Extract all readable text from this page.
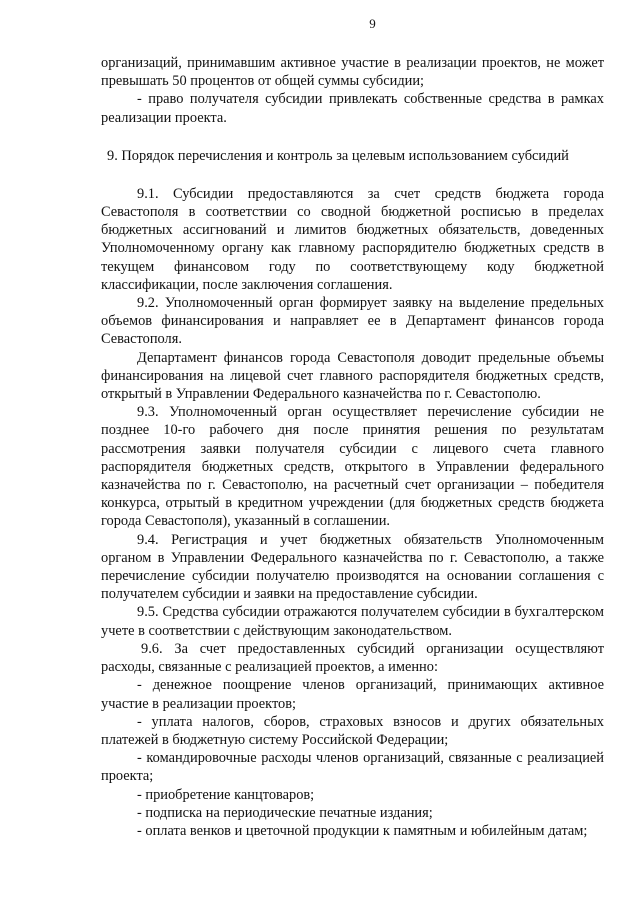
9

организаций, принимавшим активное участие в реализации проектов, не может превышать 50 процентов от общей суммы субсидии;

- право получателя субсидии привлекать собственные средства в рамках реализации проекта.

9. Порядок перечисления и контроль за целевым использованием субсидий

9.1. Субсидии предоставляются за счет средств бюджета города Севастополя в соответствии со сводной бюджетной росписью в пределах бюджетных ассигнований и лимитов бюджетных обязательств, доведенных Уполномоченному органу как главному распорядителю бюджетных средств в текущем финансовом году по соответствующему коду бюджетной классификации, после заключения соглашения.

9.2. Уполномоченный орган формирует заявку на выделение предельных объемов финансирования и направляет ее в Департамент финансов города Севастополя.

Департамент финансов города Севастополя доводит предельные объемы финансирования на лицевой счет главного распорядителя бюджетных средств, открытый в Управлении Федерального казначейства по г. Севастополю.

9.3. Уполномоченный орган осуществляет перечисление субсидии не позднее 10-го рабочего дня после принятия решения по результатам рассмотрения заявки получателя субсидии с лицевого счета главного распорядителя бюджетных средств, открытого в Управлении федерального казначейства по г. Севастополю, на расчетный счет организации – победителя конкурса, отрытый в кредитном учреждении (для бюджетных средств бюджета города Севастополя), указанный в соглашении.

9.4. Регистрация и учет бюджетных обязательств Уполномоченным органом в Управлении Федерального казначейства по г. Севастополю, а также перечисление субсидии получателю производятся на основании соглашения с получателем субсидии и заявки на предоставление субсидии.

9.5. Средства субсидии отражаются получателем субсидии в бухгалтерском учете в соответствии с действующим законодательством.

9.6. За счет предоставленных субсидий организации осуществляют расходы, связанные с реализацией проектов, а именно:

- денежное поощрение членов организаций, принимающих активное участие в реализации проектов;

- уплата налогов, сборов, страховых взносов и других обязательных платежей в бюджетную систему Российской Федерации;

- командировочные расходы членов организаций, связанные с реализацией проекта;

- приобретение канцтоваров;

- подписка на периодические печатные издания;

- оплата венков и цветочной продукции к памятным и юбилейным датам;
